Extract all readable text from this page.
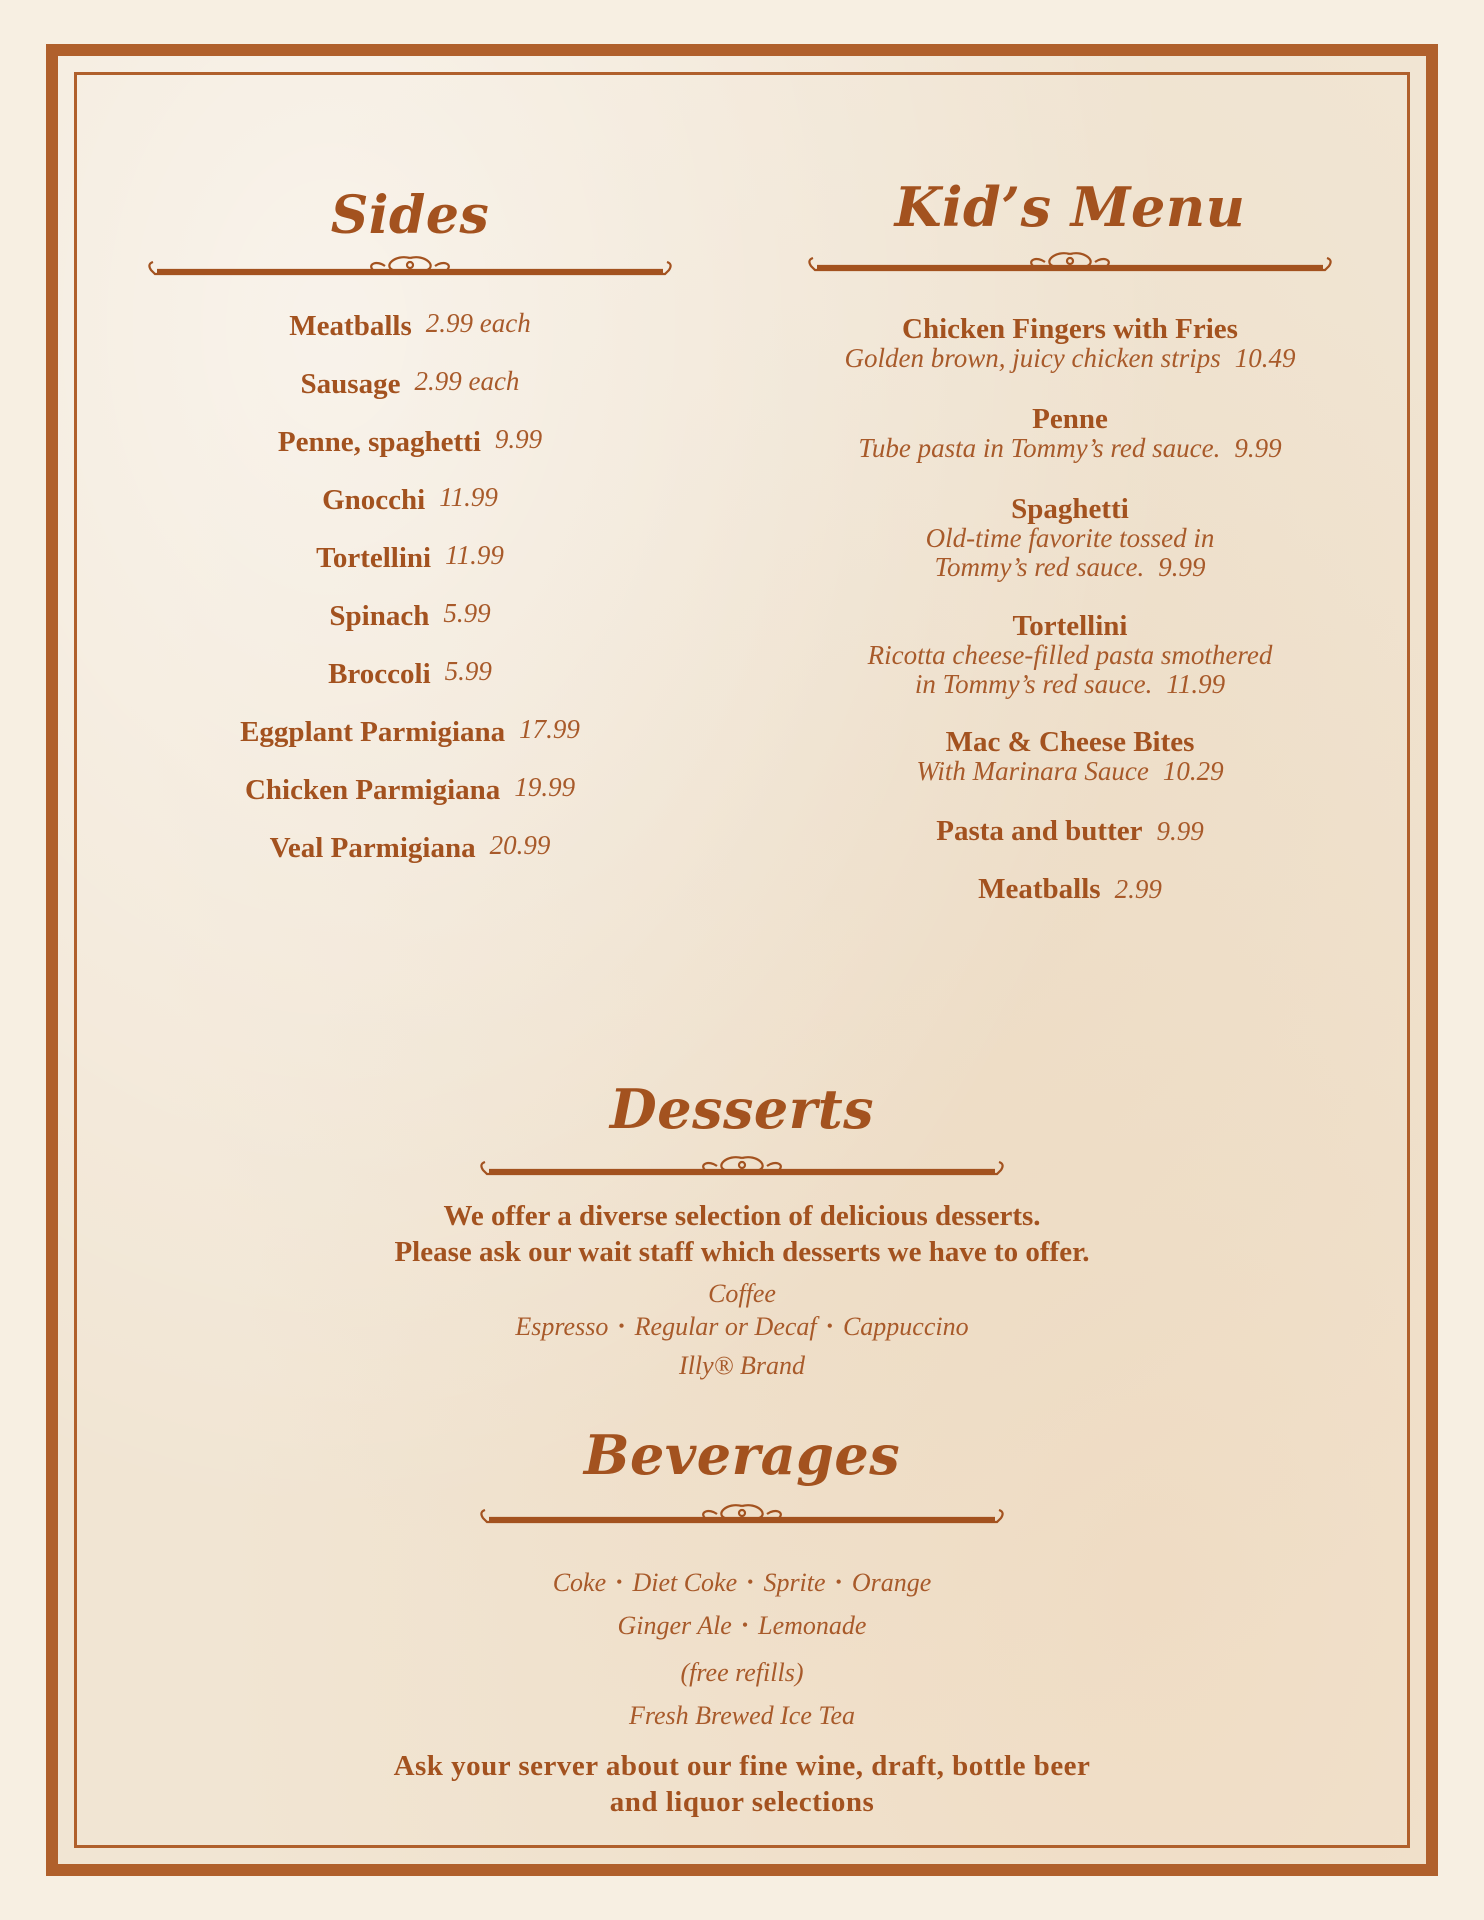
Sides
Meatballs 2.99 each
Sausage 2.99 each
Penne, spaghetti 9.99
Gnocchi 11.99
Tortellini 11.99
Spinach 5.99
Broccoli 5.99
Eggplant Parmigiana 17.99
Chicken Parmigiana 19.99
Veal Parmigiana 20.99
Kid’s Menu
Chicken Fingers with Fries
Golden brown, juicy chicken strips 10.49
Penne
Tube pasta in Tommy’s red sauce. 9.99
Spaghetti
Old-time favorite tossed in
Tommy’s red sauce. 9.99
Tortellini
Ricotta cheese-filled pasta smothered
in Tommy’s red sauce. 11.99
Mac & Cheese Bites
With Marinara Sauce 10.29
Pasta and butter 9.99
Meatballs 2.99
Desserts
We offer a diverse selection of delicious desserts.
Please ask our wait staff which desserts we have to offer.
Coffee
Espresso • Regular or Decaf • Cappuccino
Illy® Brand
Beverages
Coke • Diet Coke • Sprite • Orange
Ginger Ale • Lemonade
(free refills)
Fresh Brewed Ice Tea
Ask your server about our fine wine, draft, bottle beer
and liquor selections
